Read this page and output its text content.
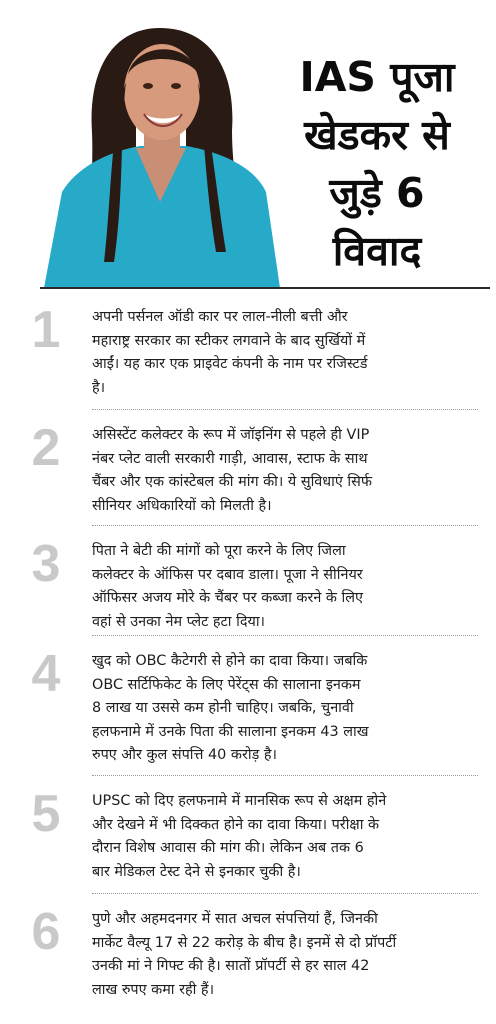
IAS पूजा
खेडकर से
जुड़े 6
विवाद
1	अपनी पर्सनल ऑडी कार पर लाल-नीली बत्ती और
महाराष्ट्र सरकार का स्टीकर लगवाने के बाद सुर्खियों में
आईं। यह कार एक प्राइवेट कंपनी के नाम पर रजिस्टर्ड
है।
2	असिस्टेंट कलेक्टर के रूप में जॉइनिंग से पहले ही VIP
नंबर प्लेट वाली सरकारी गाड़ी, आवास, स्टाफ के साथ
चैंबर और एक कांस्टेबल की मांग की। ये सुविधाएं सिर्फ
सीनियर अधिकारियों को मिलती है।
3	पिता ने बेटी की मांगों को पूरा करने के लिए जिला
कलेक्टर के ऑफिस पर दबाव डाला। पूजा ने सीनियर
ऑफिसर अजय मोरे के चैंबर पर कब्जा करने के लिए
वहां से उनका नेम प्लेट हटा दिया।
4	खुद को OBC कैटेगरी से होने का दावा किया। जबकि
OBC सर्टिफिकेट के लिए पेरेंट्स की सालाना इनकम
8 लाख या उससे कम होनी चाहिए। जबकि, चुनावी
हलफनामे में उनके पिता की सालाना इनकम 43 लाख
रुपए और कुल संपत्ति 40 करोड़ है।
5	UPSC को दिए हलफनामे में मानसिक रूप से अक्षम होने
और देखने में भी दिक्कत होने का दावा किया। परीक्षा के
दौरान विशेष आवास की मांग की। लेकिन अब तक 6
बार मेडिकल टेस्ट देने से इनकार चुकी है।
6	पुणे और अहमदनगर में सात अचल संपत्तियां हैं, जिनकी
मार्केट वैल्यू 17 से 22 करोड़ के बीच है। इनमें से दो प्रॉपर्टी
उनकी मां ने गिफ्ट की है। सातों प्रॉपर्टी से हर साल 42
लाख रुपए कमा रही हैं।
